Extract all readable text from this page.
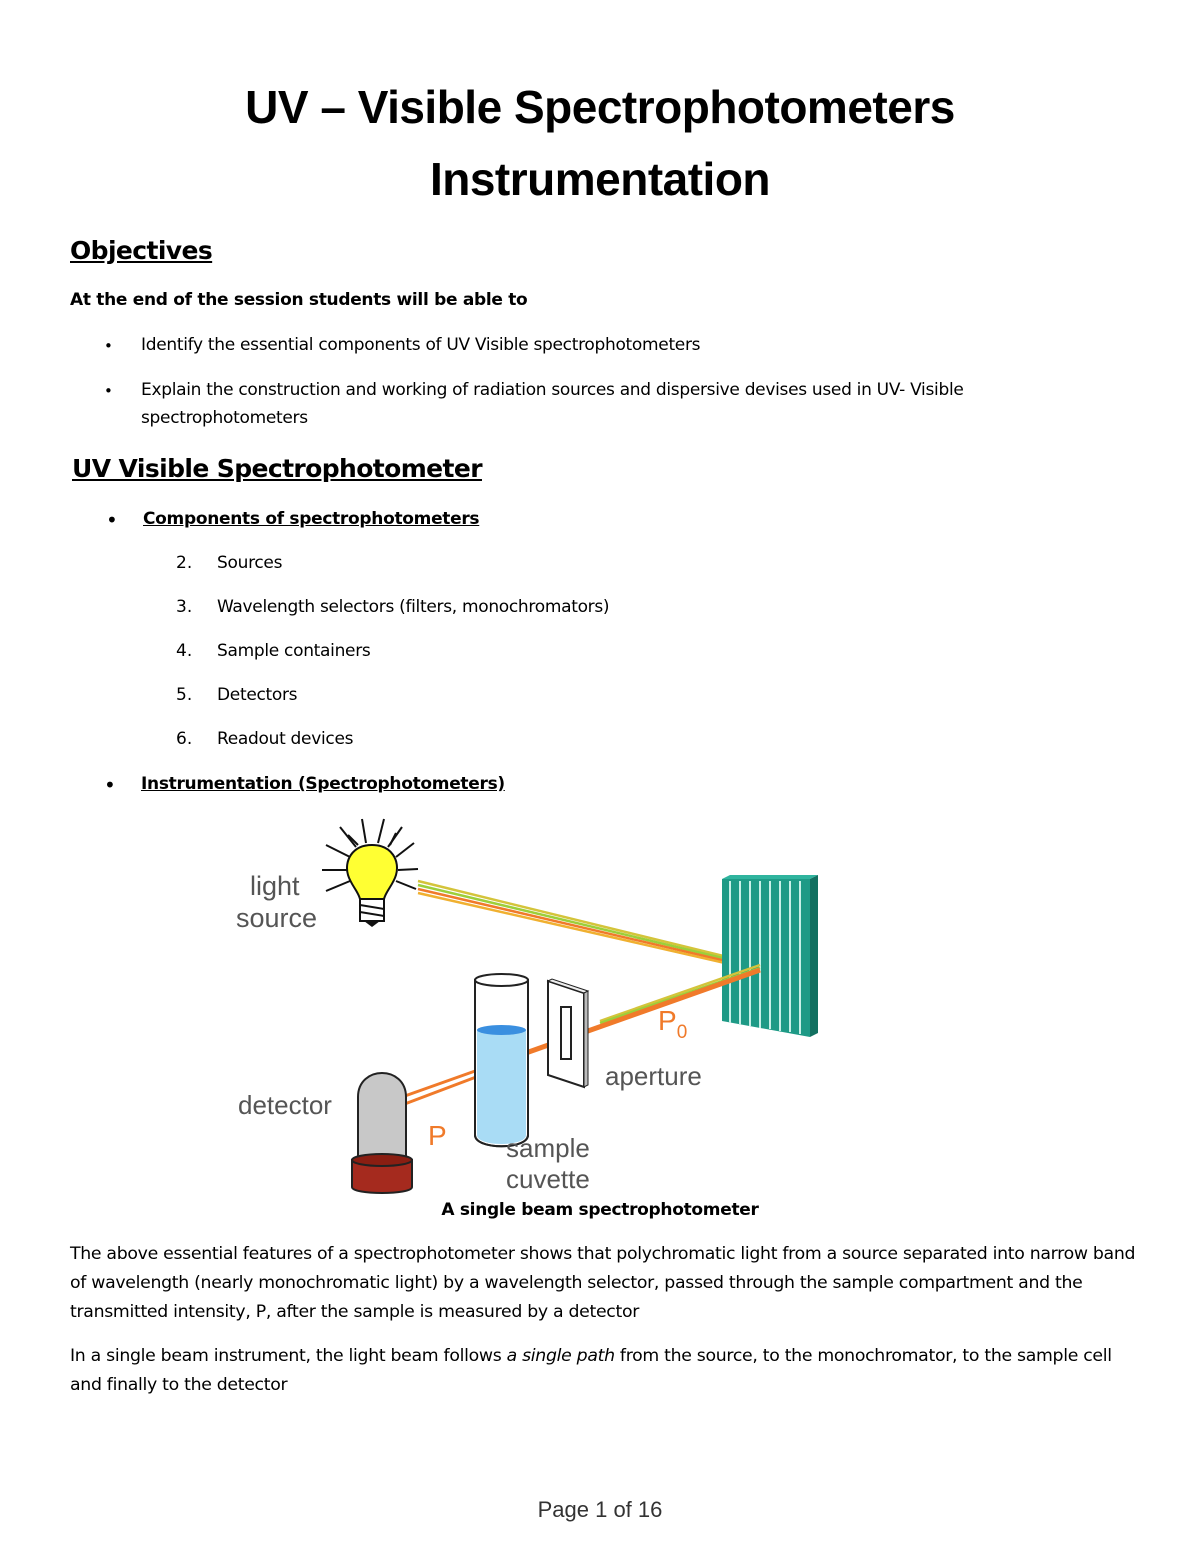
UV – Visible Spectrophotometers
Instrumentation
Objectives
At the end of the session students will be able to
• Identify the essential components of UV Visible spectrophotometers
• Explain the construction and working of radiation sources and dispersive devises used in UV- Visible
spectrophotometers
UV Visible Spectrophotometer
• Components of spectrophotometers
2. Sources
3. Wavelength selectors (filters, monochromators)
4. Sample containers
5. Detectors
6. Readout devices
• Instrumentation (Spectrophotometers)
light
source
detector
P
$P_0$
aperture
sample
cuvette
A single beam spectrophotometer
The above essential features of a spectrophotometer shows that polychromatic light from a source separated into narrow band of wavelength (nearly monochromatic light) by a wavelength selector, passed through the sample compartment and the transmitted intensity, P, after the sample is measured by a detector
In a single beam instrument, the light beam follows a single path from the source, to the monochromator, to the sample cell and finally to the detector
Page 1 of 16
